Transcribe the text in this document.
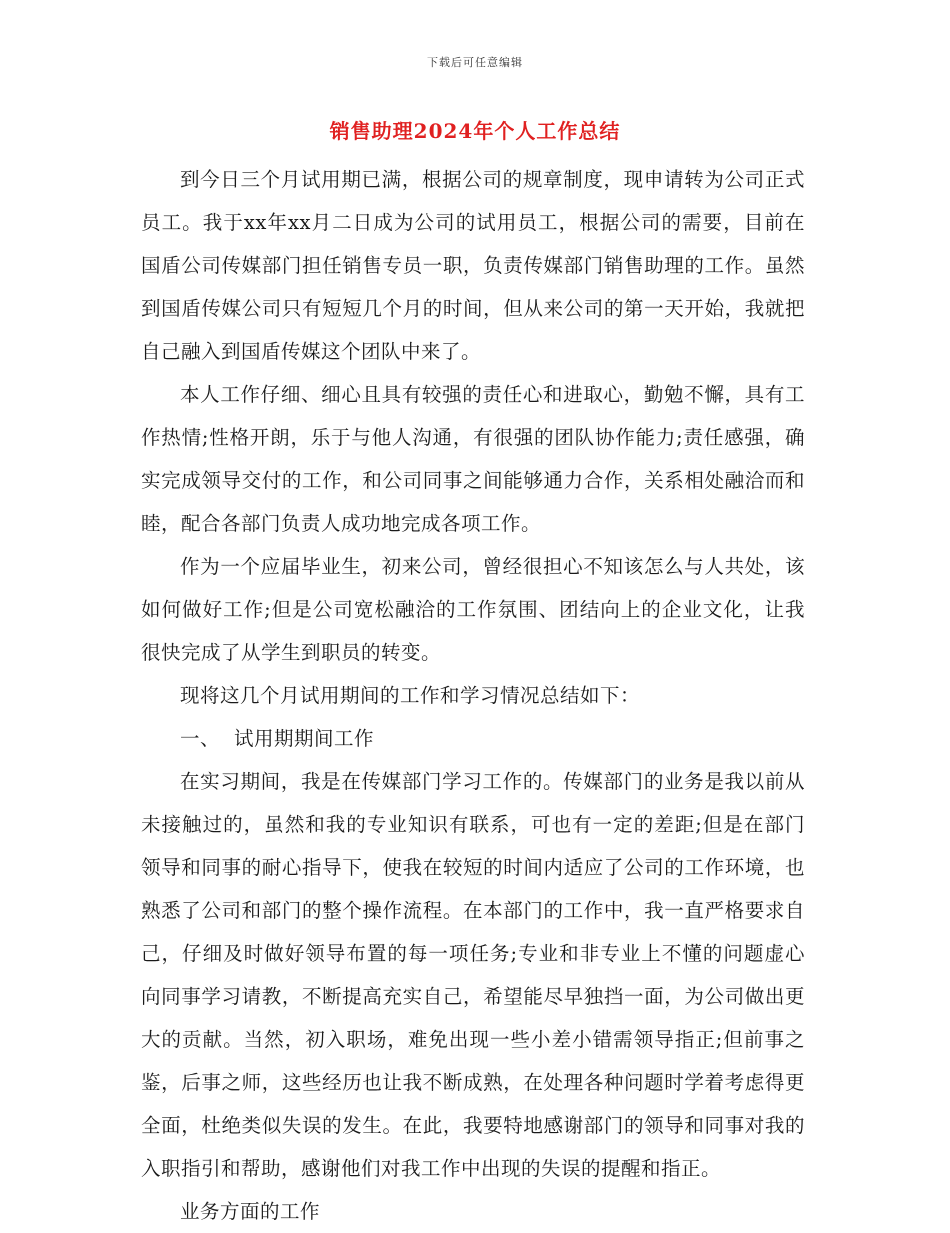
下载后可任意编辑
销售助理2024年个人工作总结

到今日三个月试用期已满，根据公司的规章制度，现申请转为公司正式员工。我于xx年xx月二日成为公司的试用员工，根据公司的需要，目前在国盾公司传媒部门担任销售专员一职，负责传媒部门销售助理的工作。虽然到国盾传媒公司只有短短几个月的时间，但从来公司的第一天开始，我就把自己融入到国盾传媒这个团队中来了。

本人工作仔细、细心且具有较强的责任心和进取心，勤勉不懈，具有工作热情;性格开朗，乐于与他人沟通，有很强的团队协作能力;责任感强，确实完成领导交付的工作，和公司同事之间能够通力合作，关系相处融洽而和睦，配合各部门负责人成功地完成各项工作。

作为一个应届毕业生，初来公司，曾经很担心不知该怎么与人共处，该如何做好工作;但是公司宽松融洽的工作氛围、团结向上的企业文化，让我很快完成了从学生到职员的转变。

现将这几个月试用期间的工作和学习情况总结如下：

一、 试用期期间工作

在实习期间，我是在传媒部门学习工作的。传媒部门的业务是我以前从未接触过的，虽然和我的专业知识有联系，可也有一定的差距;但是在部门领导和同事的耐心指导下，使我在较短的时间内适应了公司的工作环境，也熟悉了公司和部门的整个操作流程。在本部门的工作中，我一直严格要求自己，仔细及时做好领导布置的每一项任务;专业和非专业上不懂的问题虚心向同事学习请教，不断提高充实自己，希望能尽早独挡一面，为公司做出更大的贡献。当然，初入职场，难免出现一些小差小错需领导指正;但前事之鉴，后事之师，这些经历也让我不断成熟，在处理各种问题时学着考虑得更全面，杜绝类似失误的发生。在此，我要特地感谢部门的领导和同事对我的入职指引和帮助，感谢他们对我工作中出现的失误的提醒和指正。

业务方面的工作
